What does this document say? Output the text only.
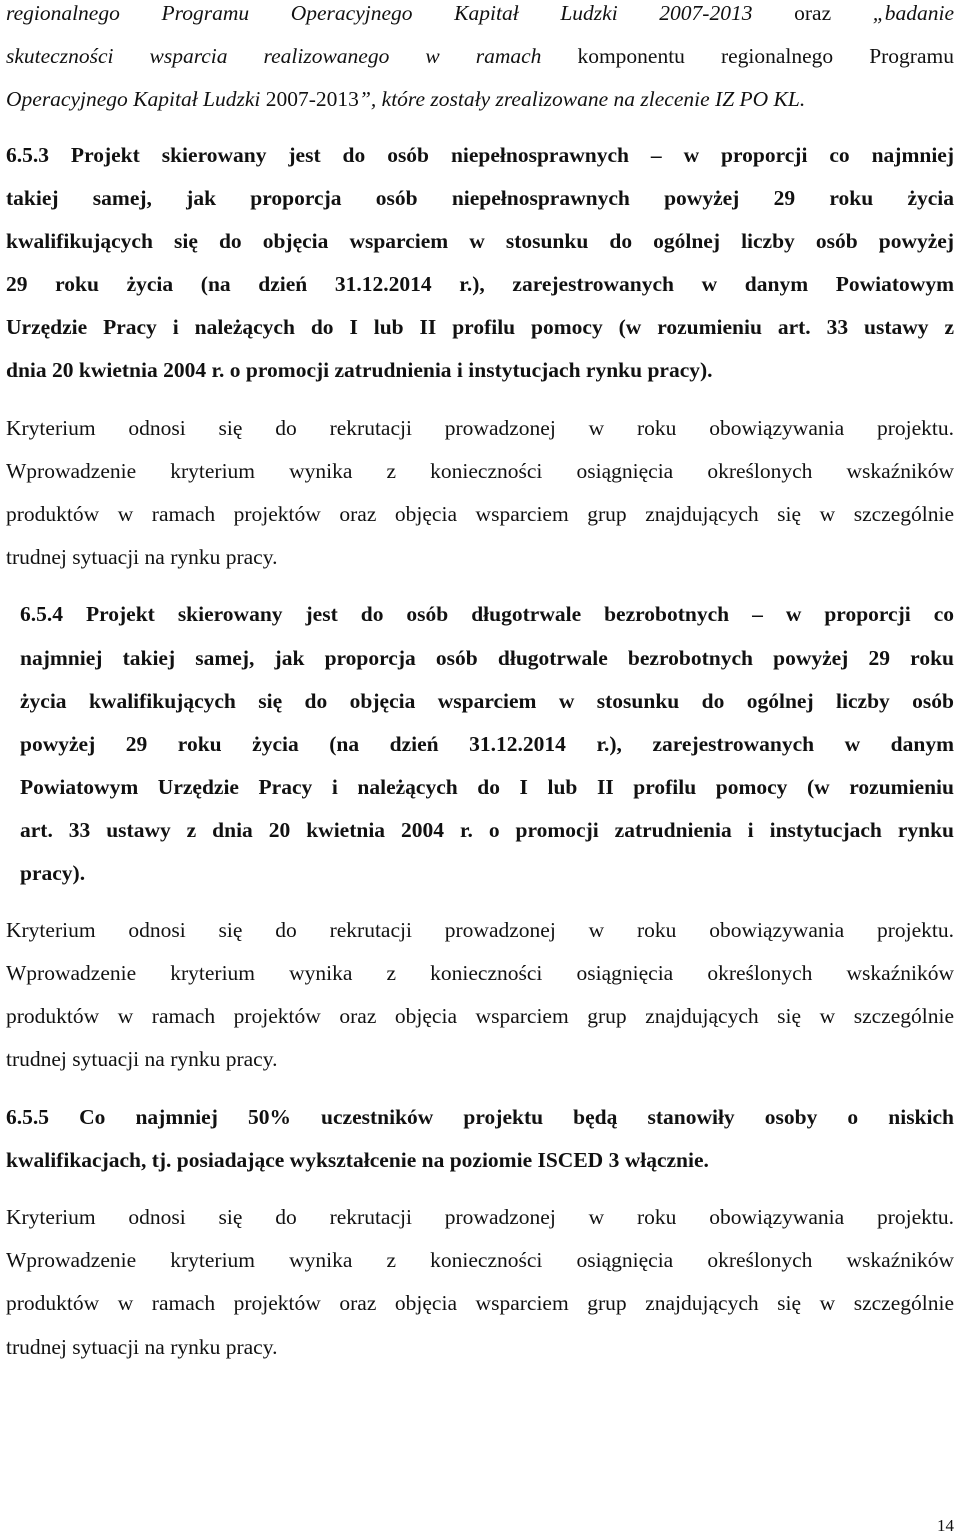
regionalnego Programu Operacyjnego Kapitał Ludzki 2007-2013 oraz „badanie
skuteczności wsparcia realizowanego w ramach komponentu regionalnego Programu
Operacyjnego Kapitał Ludzki 2007-2013”, które zostały zrealizowane na zlecenie IZ PO KL.
6.5.3 Projekt skierowany jest do osób niepełnosprawnych – w proporcji co najmniej
takiej samej, jak proporcja osób niepełnosprawnych powyżej 29 roku życia
kwalifikujących się do objęcia wsparciem w stosunku do ogólnej liczby osób powyżej
29 roku życia (na dzień 31.12.2014 r.), zarejestrowanych w danym Powiatowym
Urzędzie Pracy i należących do I lub II profilu pomocy (w rozumieniu art. 33 ustawy z
dnia 20 kwietnia 2004 r. o promocji zatrudnienia i instytucjach rynku pracy).
Kryterium odnosi się do rekrutacji prowadzonej w roku obowiązywania projektu.
Wprowadzenie kryterium wynika z konieczności osiągnięcia określonych wskaźników
produktów w ramach projektów oraz objęcia wsparciem grup znajdujących się w szczególnie
trudnej sytuacji na rynku pracy.
6.5.4 Projekt skierowany jest do osób długotrwale bezrobotnych – w proporcji co
najmniej takiej samej, jak proporcja osób długotrwale bezrobotnych powyżej 29 roku
życia kwalifikujących się do objęcia wsparciem w stosunku do ogólnej liczby osób
powyżej 29 roku życia (na dzień 31.12.2014 r.), zarejestrowanych w danym
Powiatowym Urzędzie Pracy i należących do I lub II profilu pomocy (w rozumieniu
art. 33 ustawy z dnia 20 kwietnia 2004 r. o promocji zatrudnienia i instytucjach rynku
pracy).
Kryterium odnosi się do rekrutacji prowadzonej w roku obowiązywania projektu.
Wprowadzenie kryterium wynika z konieczności osiągnięcia określonych wskaźników
produktów w ramach projektów oraz objęcia wsparciem grup znajdujących się w szczególnie
trudnej sytuacji na rynku pracy.
6.5.5 Co najmniej 50% uczestników projektu będą stanowiły osoby o niskich
kwalifikacjach, tj. posiadające wykształcenie na poziomie ISCED 3 włącznie.
Kryterium odnosi się do rekrutacji prowadzonej w roku obowiązywania projektu.
Wprowadzenie kryterium wynika z konieczności osiągnięcia określonych wskaźników
produktów w ramach projektów oraz objęcia wsparciem grup znajdujących się w szczególnie
trudnej sytuacji na rynku pracy.
14
